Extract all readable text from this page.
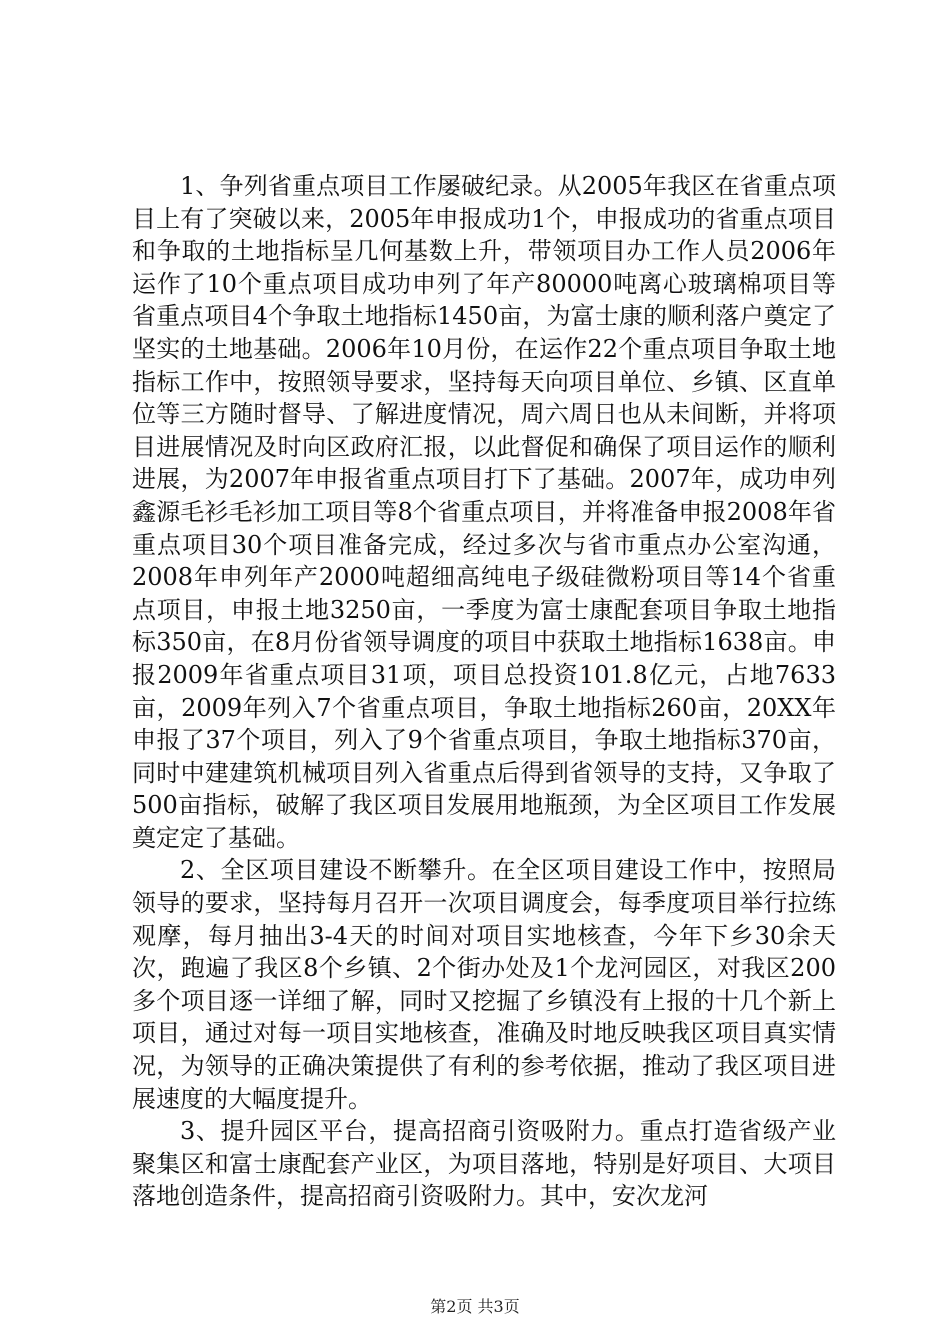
1、争列省重点项目工作屡破纪录。从2005年我区在省重点项目上有了突破以来，2005年申报成功1个，申报成功的省重点项目和争取的土地指标呈几何基数上升，带领项目办工作人员2006年运作了10个重点项目成功申列了年产80000吨离心玻璃棉项目等省重点项目4个争取土地指标1450亩，为富士康的顺利落户奠定了坚实的土地基础。2006年10月份，在运作22个重点项目争取土地指标工作中，按照领导要求，坚持每天向项目单位、乡镇、区直单位等三方随时督导、了解进度情况，周六周日也从未间断，并将项目进展情况及时向区政府汇报，以此督促和确保了项目运作的顺利进展，为2007年申报省重点项目打下了基础。2007年，成功申列鑫源毛衫毛衫加工项目等8个省重点项目，并将准备申报2008年省重点项目30个项目准备完成，经过多次与省市重点办公室沟通，2008年申列年产2000吨超细高纯电子级硅微粉项目等14个省重点项目，申报土地3250亩，一季度为富士康配套项目争取土地指标350亩，在8月份省领导调度的项目中获取土地指标1638亩。申报2009年省重点项目31项，项目总投资101.8亿元，占地7633亩，2009年列入7个省重点项目，争取土地指标260亩，20XX年申报了37个项目，列入了9个省重点项目，争取土地指标370亩，同时中建建筑机械项目列入省重点后得到省领导的支持，又争取了500亩指标，破解了我区项目发展用地瓶颈，为全区项目工作发展奠定定了基础。

2、全区项目建设不断攀升。在全区项目建设工作中，按照局领导的要求，坚持每月召开一次项目调度会，每季度项目举行拉练观摩，每月抽出3-4天的时间对项目实地核查，今年下乡30余天次，跑遍了我区8个乡镇、2个街办处及1个龙河园区，对我区200多个项目逐一详细了解，同时又挖掘了乡镇没有上报的十几个新上项目，通过对每一项目实地核查，准确及时地反映我区项目真实情况，为领导的正确决策提供了有利的参考依据，推动了我区项目进展速度的大幅度提升。

3、提升园区平台，提高招商引资吸附力。重点打造省级产业聚集区和富士康配套产业区，为项目落地，特别是好项目、大项目落地创造条件，提高招商引资吸附力。其中，安次龙河

第2页 共3页
